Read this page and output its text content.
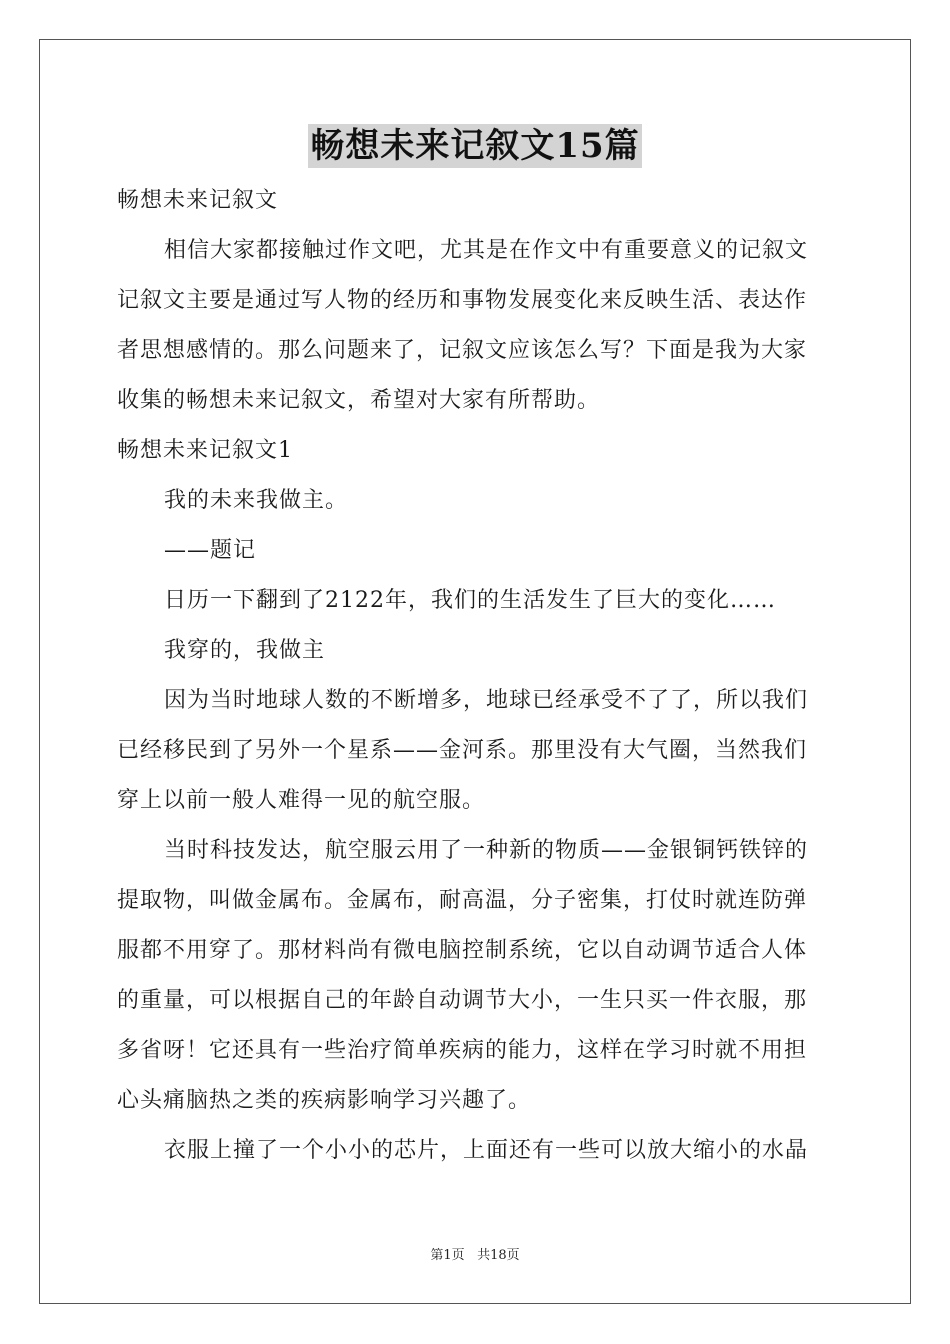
畅想未来记叙文15篇
畅想未来记叙文
相信大家都接触过作文吧，尤其是在作文中有重要意义的记叙文
记叙文主要是通过写人物的经历和事物发展变化来反映生活、表达作
者思想感情的。那么问题来了，记叙文应该怎么写？下面是我为大家
收集的畅想未来记叙文，希望对大家有所帮助。
畅想未来记叙文1
我的未来我做主。
——题记
日历一下翻到了2122年，我们的生活发生了巨大的变化……
我穿的，我做主
因为当时地球人数的不断增多，地球已经承受不了了，所以我们
已经移民到了另外一个星系——金河系。那里没有大气圈，当然我们
穿上以前一般人难得一见的航空服。
当时科技发达，航空服云用了一种新的物质——金银铜钙铁锌的
提取物，叫做金属布。金属布，耐高温，分子密集，打仗时就连防弹
服都不用穿了。那材料尚有微电脑控制系统，它以自动调节适合人体
的重量，可以根据自己的年龄自动调节大小，一生只买一件衣服，那
多省呀！它还具有一些治疗简单疾病的能力，这样在学习时就不用担
心头痛脑热之类的疾病影响学习兴趣了。
衣服上撞了一个小小的芯片，上面还有一些可以放大缩小的水晶
第1页 共18页
